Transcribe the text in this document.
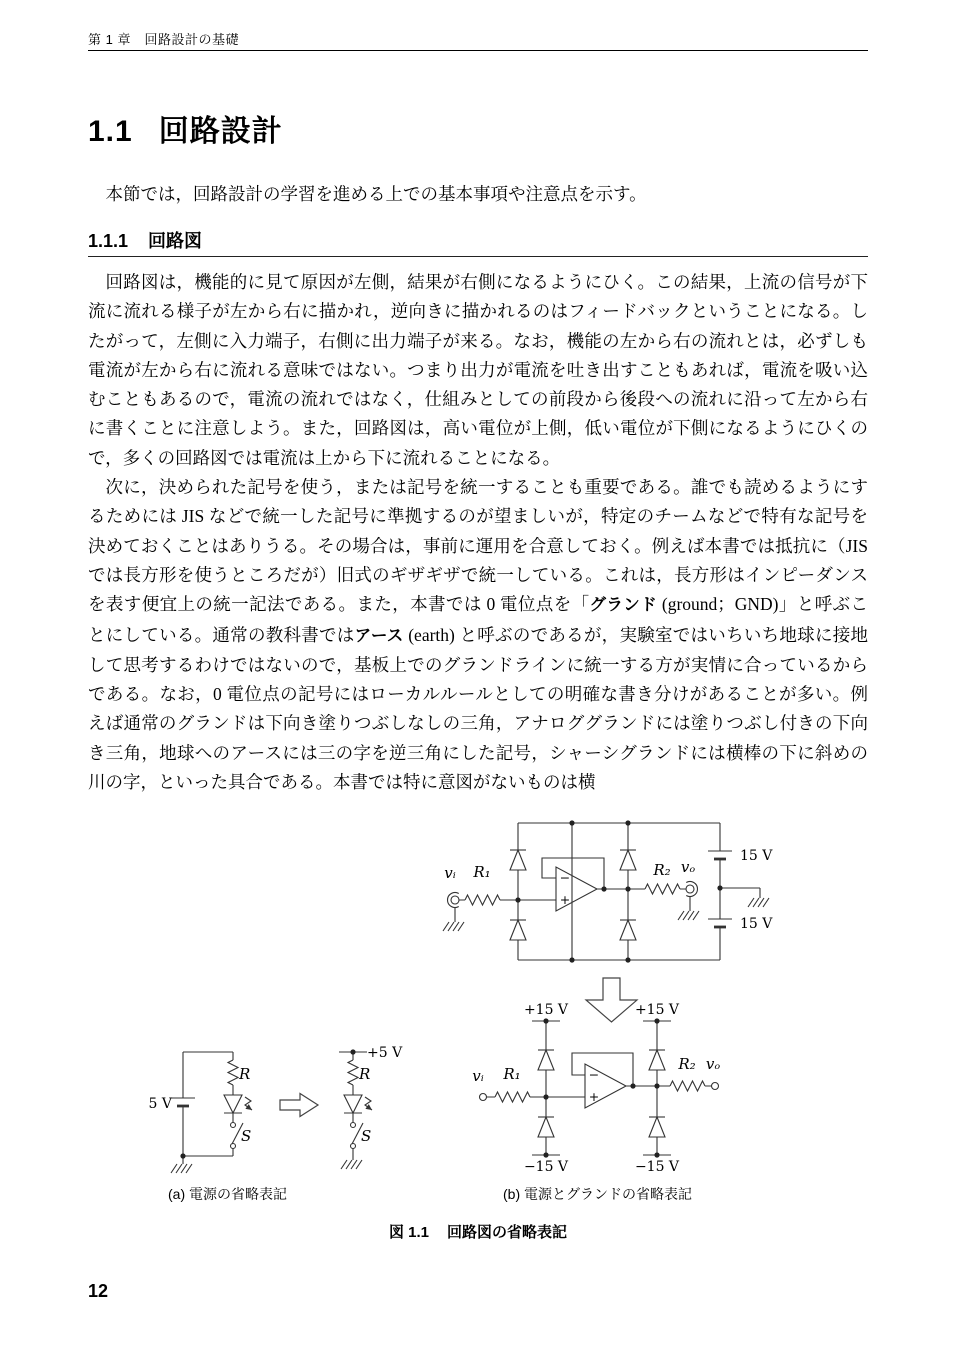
第 1 章　回路設計の基礎
1.1 回路設計

本節では，回路設計の学習を進める上での基本事項や注意点を示す。

1.1.1 回路図

回路図は，機能的に見て原因が左側，結果が右側になるようにひく。この結果，上流の信号が下流に流れる様子が左から右に描かれ，逆向きに描かれるのはフィードバックということになる。したがって，左側に入力端子，右側に出力端子が来る。なお，機能の左から右の流れとは，必ずしも電流が左から右に流れる意味ではない。つまり出力が電流を吐き出すこともあれば，電流を吸い込むこともあるので，電流の流れではなく，仕組みとしての前段から後段への流れに沿って左から右に書くことに注意しよう。また，回路図は，高い電位が上側，低い電位が下側になるようにひくので，多くの回路図では電流は上から下に流れることになる。

次に，決められた記号を使う，または記号を統一することも重要である。誰でも読めるようにするためには JIS などで統一した記号に準拠するのが望ましいが，特定のチームなどで特有な記号を決めておくことはありうる。その場合は，事前に運用を合意しておく。例えば本書では抵抗に（JIS では長方形を使うところだが）旧式のギザギザで統一している。これは，長方形はインピーダンスを表す便宜上の統一記法である。また，本書では 0 電位点を「グランド (ground；GND)」と呼ぶことにしている。通常の教科書ではアース (earth) と呼ぶのであるが，実験室ではいちいち地球に接地して思考するわけではないので，基板上でのグランドラインに統一する方が実情に合っているからである。なお，0 電位点の記号にはローカルルールとしての明確な書き分けがあることが多い。例えば通常のグランドは下向き塗りつぶしなしの三角，アナロググランドには塗りつぶし付きの下向き三角，地球へのアースには三の字を逆三角にした記号，シャーシグランドには横棒の下に斜めの川の字，といった具合である。本書では特に意図がないものは横

vᵢ R₁	R₂ vₒ
−
+
15 V
15 V
+15 V	+15 V
−15 V	−15 V
vᵢ R₁
R₂ vₒ
−
+
5 V
+5 V
R	R
S	S
(a) 電源の省略表記	(b) 電源とグランドの省略表記
図 1.1 回路図の省略表記
12
